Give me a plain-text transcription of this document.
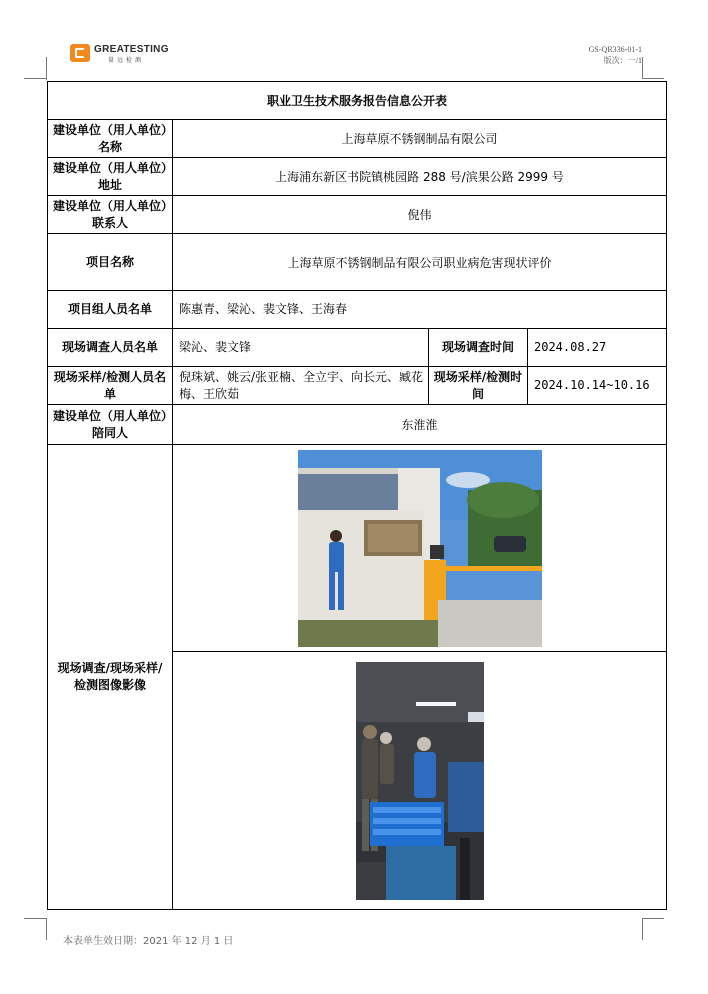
GREATESTING
量远检测
GS-QR336-01-1
版次：一/1
职业卫生技术服务报告信息公开表			
建设单位（用人单位）名称	上海草原不锈钢制品有限公司		
建设单位（用人单位）地址	上海浦东新区书院镇桃园路 288 号/滨果公路 2999 号		
建设单位（用人单位）联系人	倪伟		
项目名称	上海草原不锈钢制品有限公司职业病危害现状评价		
项目组人员名单	陈惠青、梁沁、裴文锋、王海春		
现场调查人员名单	梁沁、裴文锋	现场调查时间	2024.08.27
现场采样/检测人员名单	倪珠斌、姚云/张亚楠、全立宇、向长元、臧花梅、王欣茹	现场采样/检测时间	2024.10.14~10.16
建设单位（用人单位）陪同人	东淮淮		
现场调查/现场采样/检测图像影像	

本表单生效日期：2021 年 12 月 1 日
